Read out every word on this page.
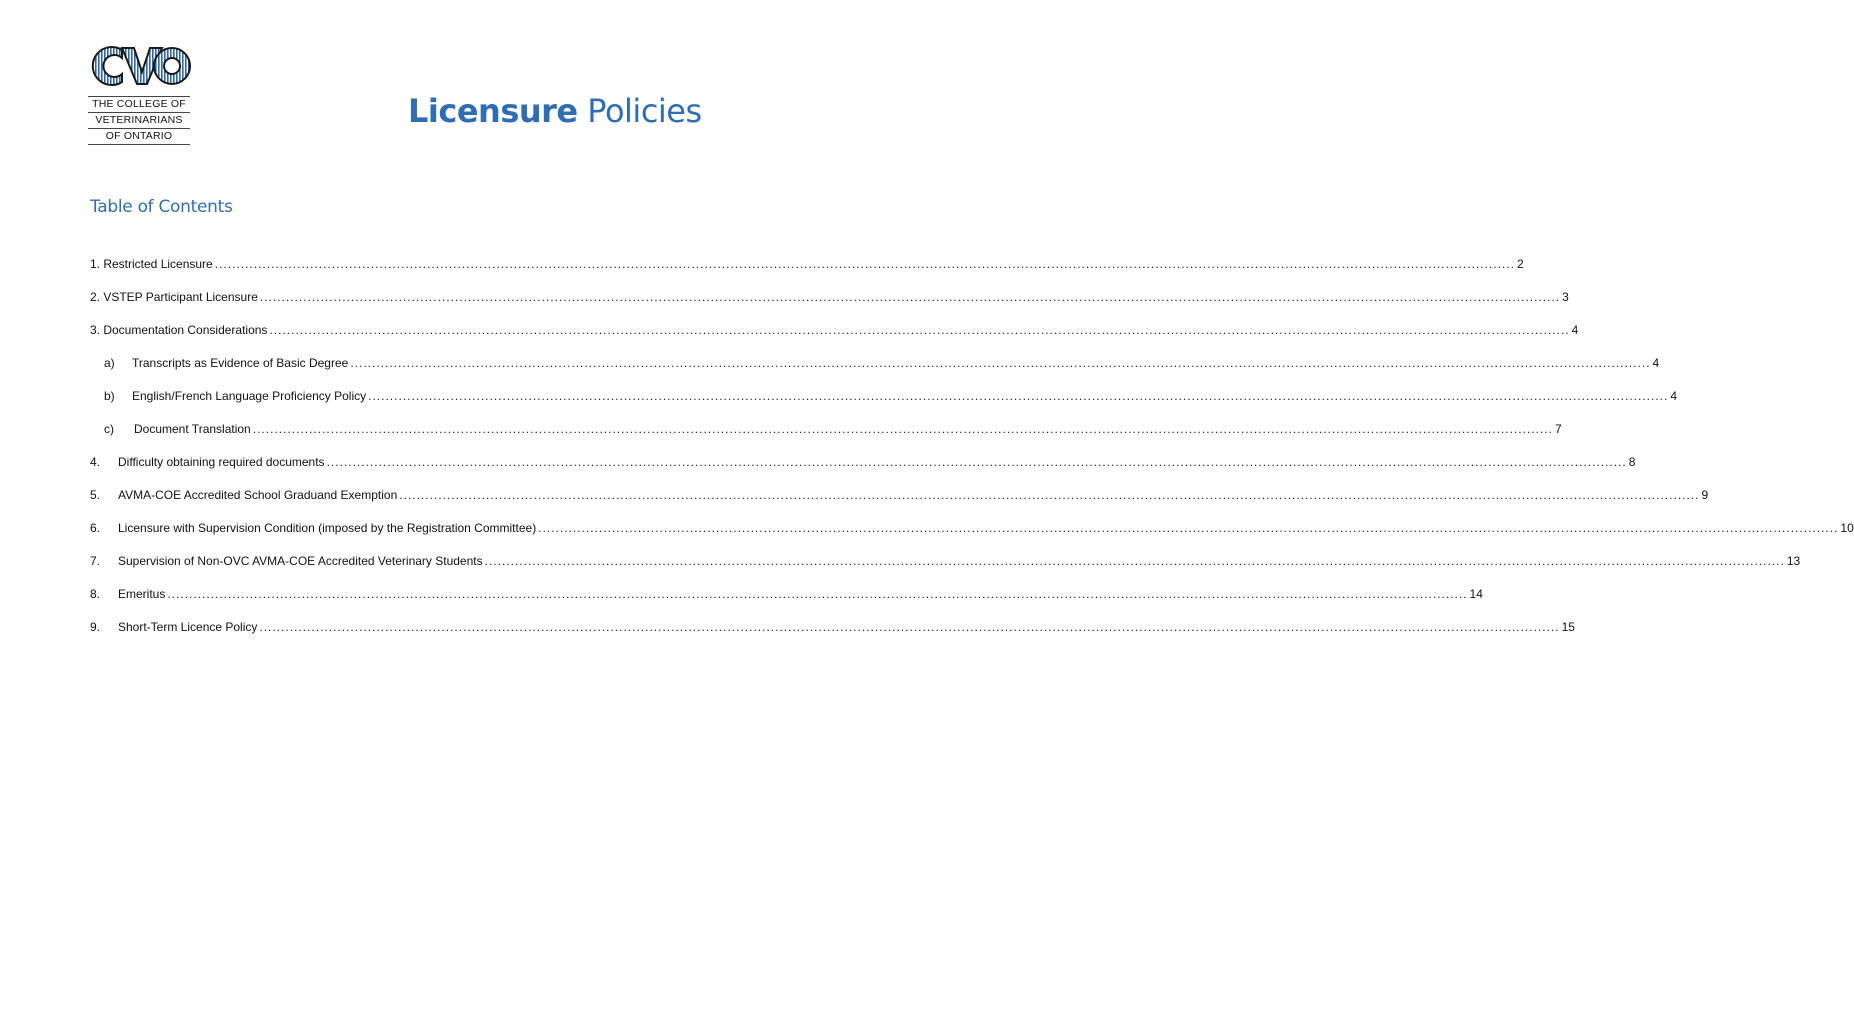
THE COLLEGE OF
VETERINARIANS
OF ONTARIO
Licensure Policies
Table of Contents
1. Restricted Licensure ............................................................................................................................................................................................................................................................................................................ 2
2. VSTEP Participant Licensure ............................................................................................................................................................................................................................................................................................................ 3
3. Documentation Considerations ............................................................................................................................................................................................................................................................................................................ 4
a)	Transcripts as Evidence of Basic Degree ............................................................................................................................................................................................................................................................................................................ 4
b)	English/French Language Proficiency Policy ............................................................................................................................................................................................................................................................................................................ 4
c)	Document Translation ............................................................................................................................................................................................................................................................................................................ 7
4.	Difficulty obtaining required documents ............................................................................................................................................................................................................................................................................................................ 8
5.	AVMA-COE Accredited School Graduand Exemption ............................................................................................................................................................................................................................................................................................................ 9
6.	Licensure with Supervision Condition (imposed by the Registration Committee) ............................................................................................................................................................................................................................................................................................................ 10
7.	Supervision of Non-OVC AVMA-COE Accredited Veterinary Students ............................................................................................................................................................................................................................................................................................................ 13
8.	Emeritus ............................................................................................................................................................................................................................................................................................................ 14
9.	Short-Term Licence Policy ............................................................................................................................................................................................................................................................................................................ 15
